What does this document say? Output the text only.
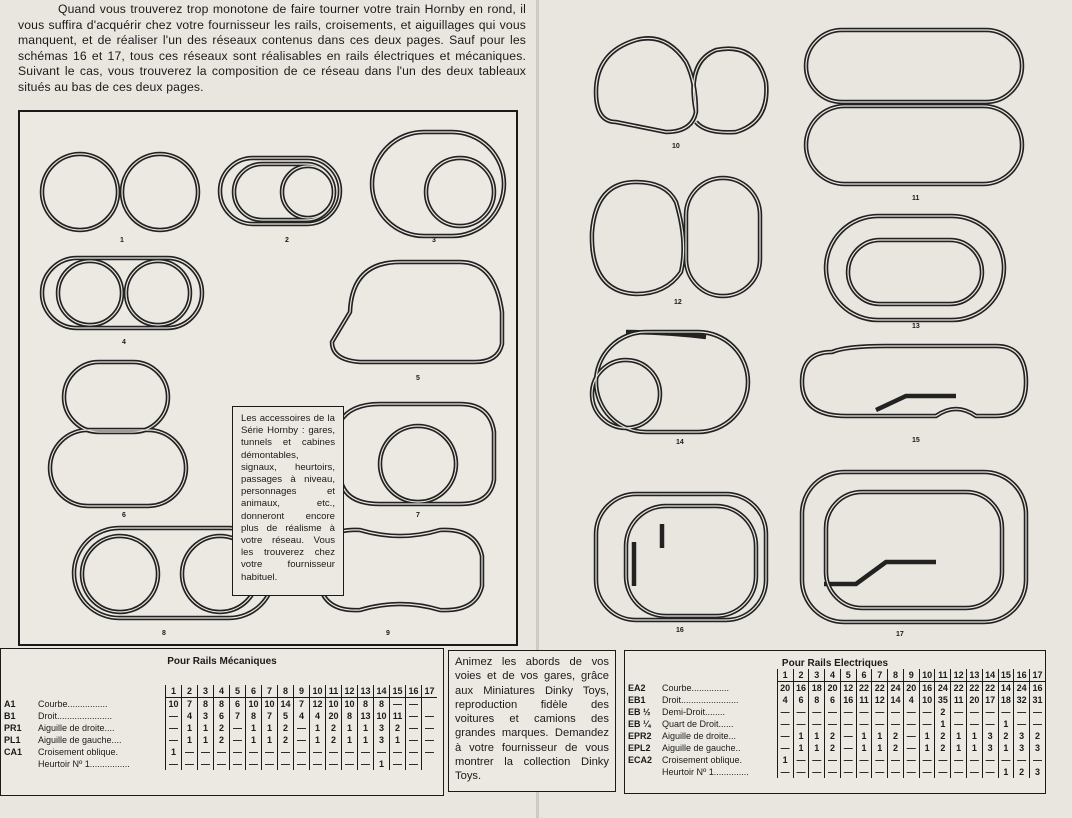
Quand vous trouverez trop monotone de faire tourner votre train Hornby en rond, il vous suffira d'acquérir chez votre fournisseur les rails, croisements, et aiguillages qui vous manquent, et de réaliser l'un des réseaux contenus dans ces deux pages. Sauf pour les schémas 16 et 17, tous ces réseaux sont réalisables en rails électriques et mécaniques. Suivant le cas, vous trouverez la composition de ce réseau dans l'un des deux tableaux situés au bas de ces deux pages.

1	2	3
4
5
6	7
8	9
Les accessoires de la Série Hornby : gares, tunnels et cabines démontables, signaux, heurtoirs, passages à niveau, personnages et animaux, etc., donneront encore plus de réalisme à votre réseau. Vous les trouverez chez votre fournisseur habituel.
10
11
12
13
14	15
16
17
Pour Rails Mécaniques
	1	2	3	4	5	6	7	8	9	10	11	12	13	14	15	16	17
A1 Courbe................	10	7	8	8	6	10	10	14	7	12	10	10	8	8	—	—	
B1 Droit......................	—	4	3	6	7	8	7	5	4	4	20	8	13	10	11	—	—
PR1 Aiguille de droite....	—	1	1	2	—	1	1	2	—	1	2	1	1	3	2	—	—
PL1 Aiguille de gauche....	—	1	1	2	—	1	1	2	—	1	2	1	1	3	1	—	—
CA1 Croisement oblique.	1	—	—	—	—	—	—	—	—	—	—	—	—	—	—	—	—
Heurtoir Nº 1................	—	—	—	—	—	—	—	—	—	—	—	—	—	1	—	—	
Animez les abords de vos voies et de vos gares, grâce aux Miniatures Dinky Toys, reproduction fidèle des voitures et camions des grandes marques. Demandez à votre fournisseur de vous montrer la collection Dinky Toys.
Pour Rails Electriques
	1	2	3	4	5	6	7	8	9	10	11	12	13	14	15	16	17
EA2 Courbe...............	20	16	18	20	12	22	22	24	20	16	24	22	22	22	14	24	16
EB1 Droit.......................	4	6	8	6	16	11	12	14	4	10	35	11	20	17	18	32	31
EB ½ Demi-Droit........	—	—	—	—	—	—	—	—	—	—	2	—	—	—	—	—	—
EB ¼ Quart de Droit......	—	—	—	—	—	—	—	—	—	—	1	—	—	—	1	—	—
EPR2 Aiguille de droite...	—	1	1	2	—	1	1	2	—	1	2	1	1	3	2	3	2
EPL2 Aiguille de gauche..	—	1	1	2	—	1	1	2	—	1	2	1	1	3	1	3	3
ECA2 Croisement oblique.	1	—	—	—	—	—	—	—	—	—	—	—	—	—	—	—	—
Heurtoir Nº 1..............	—	—	—	—	—	—	—	—	—	—	—	—	—	—	1	2	3
